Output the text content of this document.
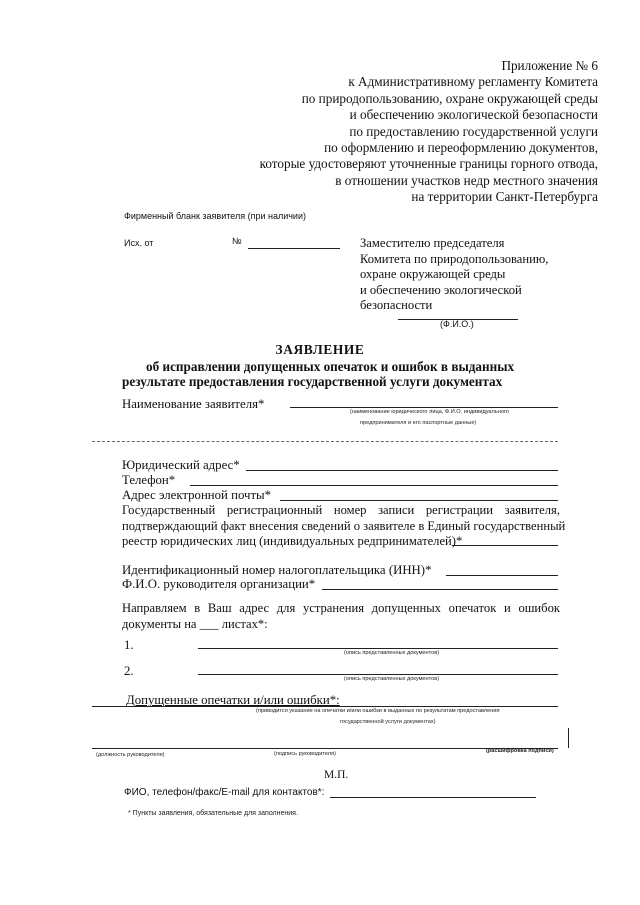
Приложение № 6
к Административному регламенту Комитета
по природопользованию, охране окружающей среды
и обеспечению экологической безопасности
по предоставлению государственной услуги
по оформлению и переоформлению документов,
которые удостоверяют уточненные границы горного отвода,
в отношении участков недр местного значения
на территории Санкт-Петербурга
Фирменный бланк заявителя (при наличии)
Исх. от	№	Заместителю председателя
Комитета по природопользованию,
охране окружающей среды
и обеспечению экологической
безопасности
(Ф.И.О.)
ЗАЯВЛЕНИЕ
об исправлении допущенных опечаток и ошибок в выданных
результате предоставления государственной услуги документах
Наименование заявителя*
(наименование юридического лица, Ф.И.О. индивидуального
предпринимателя и его паспортные данные)
Юридический адрес*
Телефон*
Адрес электронной почты*
Государственный регистрационный номер записи регистрации заявителя,
подтверждающий факт внесения сведений о заявителе в Единый государственный
реестр юридических лиц (индивидуальных редпринимателей)*
Идентификационный номер налогоплательщика (ИНН)*
Ф.И.О. руководителя организации*
Направляем в Ваш адрес для устранения допущенных опечаток и ошибок
документы на ___ листах*:
1.
(опись представленных документов)
2.
(опись представленных документов)
Допущенные опечатки и/или ошибки*:
(приводится указание на опечатки и/или ошибки в выданных по результатам предоставления
государственной услуги документах)
(должность руководителя)	(подпись руководителя)	(расшифровка подписи)
М.П.
ФИО, телефон/факс/E-mail для контактов*:
* Пункты заявления, обязательные для заполнения.
